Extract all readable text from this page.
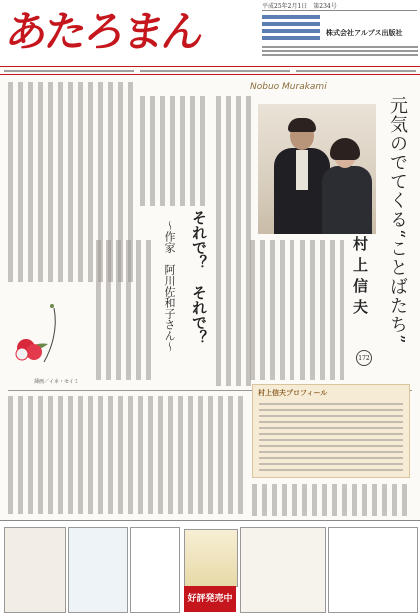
あたろまん
平成25年2月1日　第234号
株式会社アルプス出版社
Nobuo Murakami
元気のでてくる“ことばたち”
村上信夫
172
それで？　それで？
〜作家　阿川佐和子さん〜
挿画／イネ・セイミ
村上信夫プロフィール
好評発売中
